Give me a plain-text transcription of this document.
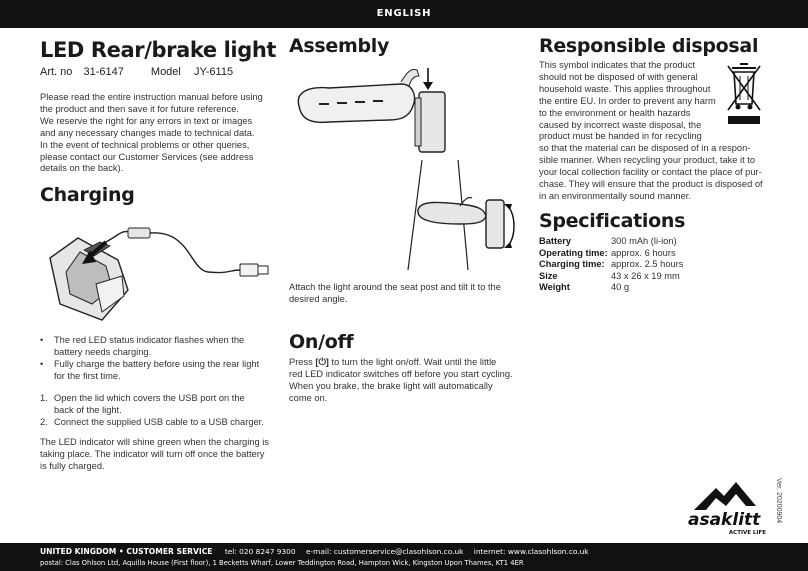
ENGLISH
LED Rear/brake light
Art. no 31-6147 Model JY-6115
Please read the entire instruction manual before using
the product and then save it for future reference.
We reserve the right for any errors in text or images
and any necessary changes made to technical data.
In the event of technical problems or other queries,
please contact our Customer Services (see address
details on the back).
Charging
• The red LED status indicator flashes when the
battery needs charging.
• Fully charge the battery before using the rear light
for the first time.
1. Open the lid which covers the USB port on the
back of the light.
2. Connect the supplied USB cable to a USB charger.
The LED indicator will shine green when the charging is
taking place. The indicator will turn off once the battery
is fully charged.
Assembly
Attach the light around the seat post and tilt it to the
desired angle.
On/off
Press [⏻] to turn the light on/off. Wait until the little
red LED indicator switches off before you start cycling.
When you brake, the brake light will automatically
come on.
Responsible disposal
This symbol indicates that the product
should not be disposed of with general
household waste. This applies throughout
the entire EU. In order to prevent any harm
to the environment or health hazards
caused by incorrect waste disposal, the
product must be handed in for recycling
so that the material can be disposed of in a respon-
sible manner. When recycling your product, take it to
your local collection facility or contact the place of pur-
chase. They will ensure that the product is disposed of
in an environmentally sound manner.
Specifications
Battery	300 mAh (li-ion)
Operating time:	approx. 6 hours
Charging time:	approx. 2.5 hours
Size	43 x 26 x 19 mm
Weight	40 g
asaklitt
ACTIVE LIFE
Ver. 20200904
UNITED KINGDOM • CUSTOMER SERVICE tel: 020 8247 9300 e-mail: customerservice@clasohlson.co.uk internet: www.clasohlson.co.uk
postal: Clas Ohlson Ltd, Aquilla House (First floor), 1 Becketts Wharf, Lower Teddington Road, Hampton Wick, Kingston Upon Thames, KT1 4ER
